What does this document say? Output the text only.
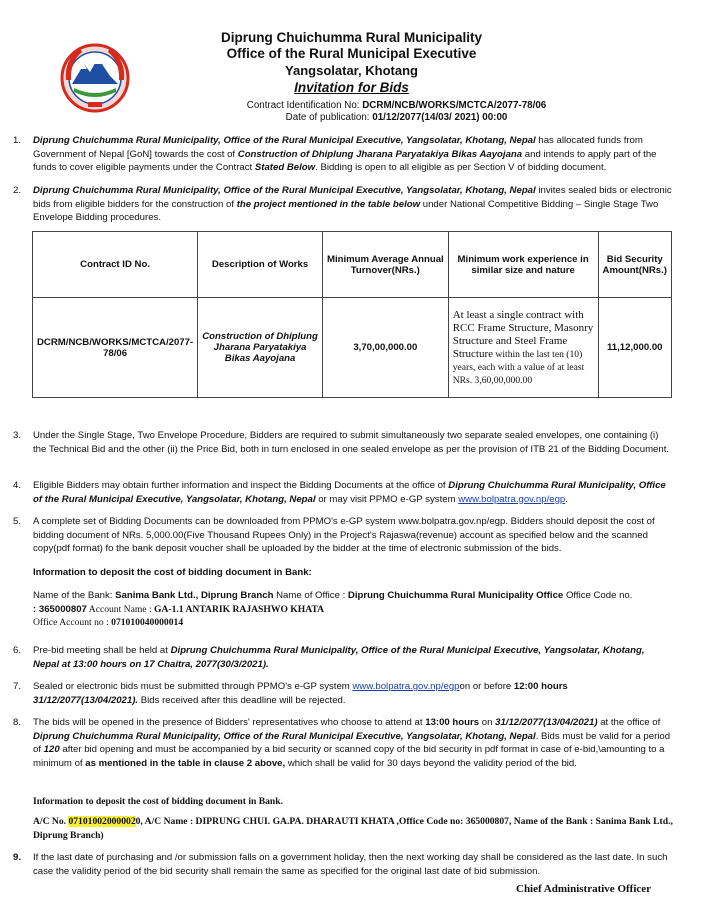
Diprung Chuichumma Rural Municipality
Office of the Rural Municipal Executive
Yangsolatar, Khotang
Invitation for Bids
Contract Identification No: DCRM/NCB/WORKS/MCTCA/2077-78/06
Date of publication: 01/12/2077(14/03/ 2021) 00:00
1. Diprung Chuichumma Rural Municipality, Office of the Rural Municipal Executive, Yangsolatar, Khotang, Nepal has allocated funds from Government of Nepal [GoN] towards the cost of Construction of Dhiplung Jharana Paryatakiya Bikas Aayojana and intends to apply part of the funds to cover eligible payments under the Contract Stated Below. Bidding is open to all eligible as per Section V of bidding document.
2. Diprung Chuichumma Rural Municipality, Office of the Rural Municipal Executive, Yangsolatar, Khotang, Nepal invites sealed bids or electronic bids from eligible bidders for the construction of the project mentioned in the table below under National Competitive Bidding – Single Stage Two Envelope Bidding procedures.
Contract ID No.	Description of Works	Minimum Average Annual Turnover(NRs.)	Minimum work experience in similar size and nature	Bid Security Amount(NRs.)
DCRM/NCB/WORKS/MCTCA/2077-78/06	Construction of Dhiplung Jharana Paryatakiya Bikas Aayojana	3,70,00,000.00	At least a single contract with RCC Frame Structure, Masonry Structure and Steel Frame Structure within the last ten (10) years, each with a value of at least NRs. 3,60,00,000.00	11,12,000.00
3. Under the Single Stage, Two Envelope Procedure, Bidders are required to submit simultaneously two separate sealed envelopes, one containing (i) the Technical Bid and the other (ii) the Price Bid, both in turn enclosed in one sealed envelope as per the provision of ITB 21 of the Bidding Document.
4. Eligible Bidders may obtain further information and inspect the Bidding Documents at the office of Diprung Chuichumma Rural Municipality, Office of the Rural Municipal Executive, Yangsolatar, Khotang, Nepal or may visit PPMO e-GP system www.bolpatra.gov.np/egp.
5. A complete set of Bidding Documents can be downloaded from PPMO's e-GP system www.bolpatra.gov.np/egp. Bidders should deposit the cost of bidding document of NRs. 5,000.00(Five Thousand Rupees Only) in the Project's Rajaswa(revenue) account as specified below and the scanned copy(pdf format) fo the bank deposit voucher shall be uploaded by the bidder at the time of electronic submission of the bids.
Information to deposit the cost of bidding document in Bank:
Name of the Bank: Sanima Bank Ltd., Diprung Branch Name of Office : Diprung Chuichumma Rural Municipality Office Office Code no.
: 365000807 Account Name : GA-1.1 ANTARIK RAJASHWO KHATA
Office Account no : 071010040000014
6. Pre-bid meeting shall be held at Diprung Chuichumma Rural Municipality, Office of the Rural Municipal Executive, Yangsolatar, Khotang, Nepal at 13:00 hours on 17 Chaitra, 2077(30/3/2021).
7. Sealed or electronic bids must be submitted through PPMO's e-GP system www.bolpatra.gov.np/egpon or before 12:00 hours 31/12/2077(13/04/2021). Bids received after this deadline will be rejected.
8. The bids will be opened in the presence of Bidders' representatives who choose to attend at 13:00 hours on 31/12/2077(13/04/2021) at the office of Diprung Chuichumma Rural Municipality, Office of the Rural Municipal Executive, Yangsolatar, Khotang, Nepal. Bids must be valid for a period of 120 after bid opening and must be accompanied by a bid security or scanned copy of the bid security in pdf format in case of e-bid,\amounting to a minimum of as mentioned in the table in clause 2 above, which shall be valid for 30 days beyond the validity period of the bid.
Information to deposit the cost of bidding document in Bank.
A/C No. 071010020000020, A/C Name : DIPRUNG CHUI. GA.PA. DHARAUTI KHATA ,Office Code no: 365000807, Name of the Bank : Sanima Bank Ltd., Diprung Branch)
9. If the last date of purchasing and /or submission falls on a government holiday, then the next working day shall be considered as the last date. In such case the validity period of the bid security shall remain the same as specified for the original last date of bid submission.
Chief Administrative Officer
